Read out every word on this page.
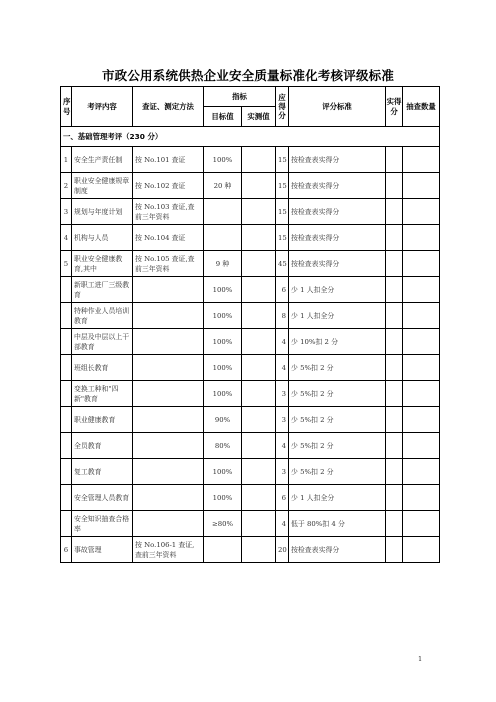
市政公用系统供热企业安全质量标准化考核评级标准
序号	考评内容	查证、测定方法	指标		应得分	评分标准	实得分	抽查数量
			目标值	实测值				
一、基础管理考评（230 分）								
1	安全生产责任制	按 No.101 查证	100%		15	按检查表实得分		
2	职业安全健康规章制度	按 No.102 查证	20 种		15	按检查表实得分		
3	规划与年度计划	按 No.103 查证,查前三年资料			15	按检查表实得分		
4	机构与人员	按 No.104 查证			15	按检查表实得分		
5	职业安全健康教育,其中	按 No.105 查证,查前三年资料	9 种		45	按检查表实得分		
	新职工进厂三级教育		100%		6	少 1 人扣全分		
	特种作业人员培训教育		100%		8	少 1 人扣全分		
	中层及中层以上干部教育		100%		4	少 10%扣 2 分		
	班组长教育		100%		4	少 5%扣 2 分		
	变换工种和"四新"教育		100%		3	少 5%扣 2 分		
	职业健康教育		90%		3	少 5%扣 2 分		
	全员教育		80%		4	少 5%扣 2 分		
	复工教育		100%		3	少 5%扣 2 分		
	安全管理人员教育		100%		6	少 1 人扣全分		
	安全知识抽查合格率		≥80%		4	低于 80%扣 4 分		
6	事故管理	按 No.106-1 查证,查前三年资料			20	按检查表实得分		
1
